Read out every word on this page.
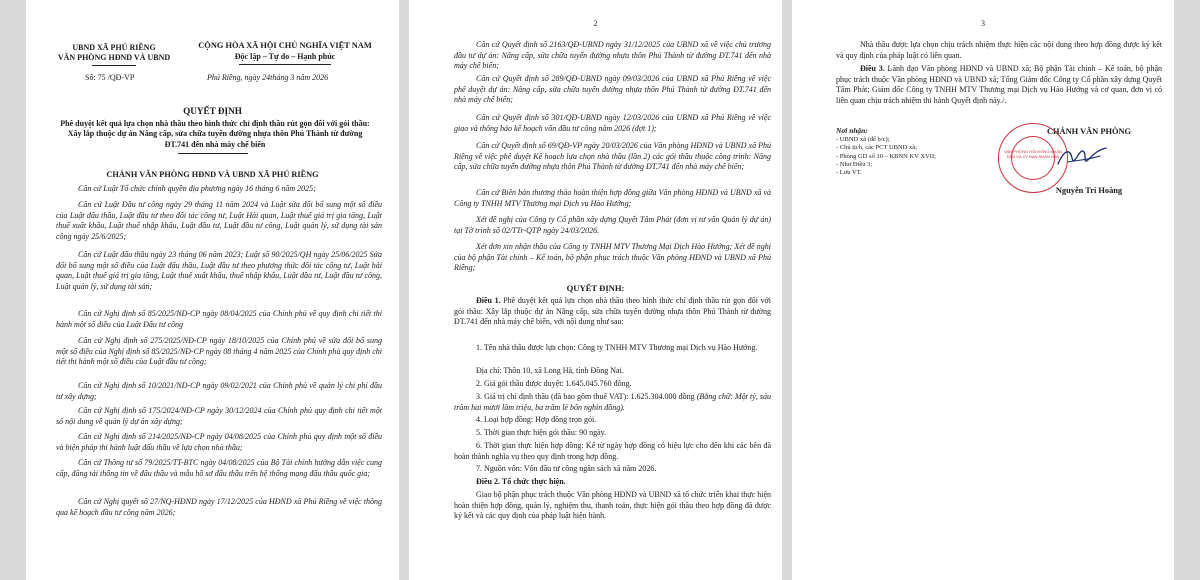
UBND XÃ PHÚ RIỀNG
VĂN PHÒNG HĐND VÀ UBND
CỘNG HÒA XÃ HỘI CHỦ NGHĨA VIỆT NAM
Độc lập – Tự do – Hạnh phúc
Số: 75 /QĐ-VP	Phú Riềng, ngày 24tháng 3 năm 2026
QUYẾT ĐỊNH
Phê duyệt kết quả lựa chọn nhà thầu theo hình thức chỉ định thầu rút gọn đối với gói thầu: Xây lắp thuộc dự án Nâng cấp, sửa chữa tuyến đường nhựa thôn Phú Thành từ đường ĐT.741 đến nhà máy chế biến
CHÁNH VĂN PHÒNG HĐND VÀ UBND XÃ PHÚ RIỀNG
Căn cứ Luật Tổ chức chính quyền địa phương ngày 16 tháng 6 năm 2025;
Căn cứ Luật Đầu tư công ngày 29 tháng 11 năm 2024 và Luật sửa đổi bổ sung một số điều của Luật đấu thầu, Luật đầu tư theo đối tác công tư, Luật Hải quan, Luật thuế giá trị gia tăng, Luật thuế xuất khẩu, Luật thuế nhập khẩu, Luật đầu tư, Luật đầu tư công, Luật quản lý, sử dụng tài sản công ngày 25/6/2025;
Căn cứ Luật đấu thầu ngày 23 tháng 06 năm 2023; Luật số 90/2025/QH ngày 25/06/2025 Sửa đổi bổ sung một số điều của Luật đấu thầu, Luật đầu tư theo phương thức đối tác công tư, Luật hải quan, Luật thuế giá trị gia tăng, Luật thuế xuất khẩu, thuế nhập khẩu, Luật đầu tư, Luật đầu tư công, Luật quản lý, sử dụng tài sản;
Căn cứ Nghị định số 85/2025/NĐ-CP ngày 08/04/2025 của Chính phủ về quy định chi tiết thi hành một số điều của Luật Đấu tư công
Căn cứ Nghị định số 275/2025/NĐ-CP ngày 18/10/2025 của Chính phủ về sửa đổi bổ sung một số điều của Nghị định số 85/2025/NĐ-CP ngày 08 tháng 4 năm 2025 của Chính phủ quy định chi tiết thi hành một số điều của Luật đầu tư công;
Căn cứ Nghị định số 10/2021/NĐ-CP ngày 09/02/2021 của Chính phủ về quản lý chi phí đầu tư xây dựng;
Căn cứ Nghị định số 175/2024/NĐ-CP ngày 30/12/2024 của Chính phủ quy định chi tiết một số nội dung về quản lý dự án xây dựng;
Căn cứ Nghị định số 214/2025/NĐ-CP ngày 04/08/2025 của Chính phủ quy định một số điều và biện pháp thi hành luật đấu thầu về lựa chọn nhà thầu;
Căn cứ Thông tư số 79/2025/TT-BTC ngày 04/08/2025 của Bộ Tài chính hướng dẫn việc cung cấp, đăng tải thông tin về đấu thầu và mẫu hồ sơ đấu thầu trên hệ thống mạng đấu thầu quốc gia;
Căn cứ Nghị quyết số 27/NQ-HĐND ngày 17/12/2025 của HĐND xã Phú Riềng về việc thông qua kế hoạch đầu tư công năm 2026;
2
Căn cứ Quyết định số 2163/QĐ-UBND ngày 31/12/2025 của UBND xã về việc chủ trương đầu tư dự án: Nâng cấp, sửa chữa tuyến đường nhựa thôn Phú Thành từ đường ĐT.741 đến nhà máy chế biến;
Căn cứ Quyết định số 289/QĐ-UBND ngày 09/03/2026 của UBND xã Phú Riềng về việc phê duyệt dự án: Nâng cấp, sửa chữa tuyến đường nhựa thôn Phú Thành từ đường ĐT.741 đến nhà máy chế biến;
Căn cứ Quyết định số 301/QĐ-UBND ngày 12/03/2026 của UBND xã Phú Riềng về việc giao và thông báo kế hoạch vốn đầu tư công năm 2026 (đợt 1);
Căn cứ Quyết định số 69/QĐ-VP ngày 20/03/2026 của Văn phòng HĐND và UBND xã Phú Riềng về việc phê duyệt Kế hoạch lựa chọn nhà thầu (lần 2) các gói thầu thuộc công trình: Nâng cấp, sửa chữa tuyến đường nhựa thôn Phú Thành từ đường ĐT.741 đến nhà máy chế biến;
Căn cứ Biên bản thương thảo hoàn thiện hợp đồng giữa Văn phòng HĐND và UBND xã và Công ty TNHH MTV Thương mại Dịch vụ Hào Hướng;
Xét đề nghị của Công ty Cổ phần xây dựng Quyết Tâm Phát (đơn vị tư vấn Quản lý dự án) tại Tờ trình số 02/TTr-QTP ngày 24/03/2026.
Xét đơn xin nhận thầu của Công ty TNHH MTV Thương Mại Dịch Hào Hướng; Xét đề nghị của bộ phận Tài chính – Kế toán, bộ phận phục trách thuộc Văn phòng HĐND và UBND xã Phú Riềng;
QUYẾT ĐỊNH:
Điều 1. Phê duyệt kết quả lựa chọn nhà thầu theo hình thức chỉ định thầu rút gọn đối với gói thầu: Xây lắp thuộc dự án Nâng cấp, sửa chữa tuyến đường nhựa thôn Phú Thành từ đường ĐT.741 đến nhà máy chế biến, với nội dung như sau:
1. Tên nhà thầu được lựa chọn: Công ty TNHH MTV Thương mại Dịch vụ Hào Hướng.
Địa chỉ: Thôn 10, xã Long Hà, tỉnh Đồng Nai.
2. Giá gói thầu được duyệt: 1.645.045.760 đồng.
3. Giá trị chỉ định thầu (đã bao gồm thuế VAT): 1.625.304.000 đồng (Bằng chữ: Một tỷ, sáu trăm hai mươi lăm triệu, ba trăm lẻ bốn nghìn đồng).
4. Loại hợp đồng: Hợp đồng trọn gói.
5. Thời gian thực hiện gói thầu: 90 ngày.
6. Thời gian thực hiện hợp đồng: Kể từ ngày hợp đồng có hiệu lực cho đến khi các bên đã hoàn thành nghĩa vụ theo quy định trong hợp đồng.
7. Nguồn vốn: Vốn đầu tư công ngân sách xã năm 2026.
Điều 2. Tổ chức thực hiện.
Giao bộ phận phục trách thuộc Văn phòng HĐND và UBND xã tổ chức triển khai thực hiện hoàn thiện hợp đồng, quản lý, nghiệm thu, thanh toán, thực hiện gói thầu theo hợp đồng đã được ký kết và các quy định của pháp luật hiện hành.
3
Nhà thầu được lựa chọn chịu trách nhiệm thực hiện các nội dung theo hợp đồng được ký kết và quy định của pháp luật có liên quan.
Điều 3. Lãnh đạo Văn phòng HĐND và UBND xã; Bộ phận Tài chính – Kế toán, bộ phận phục trách thuộc Văn phòng HĐND và UBND xã; Tổng Giám đốc Công ty Cổ phần xây dựng Quyết Tâm Phát; Giám đốc Công ty TNHH MTV Thương mại Dịch vụ Hào Hướng và cơ quan, đơn vị có liên quan chịu trách nhiệm thi hành Quyết định này./.
Nơi nhận:
- UBND xã (để b/c);
- Chủ tịch, các PCT UBND xã;
- Phòng GD số 10 – KBNN KV XVII;
- Như Điều 3;
- Lưu VT.
CHÁNH VĂN PHÒNG
VĂN PHÒNG HỘI ĐỒNG NHÂN DÂN VÀ ỦY BAN NHÂN DÂN
Nguyễn Trí Hoàng
